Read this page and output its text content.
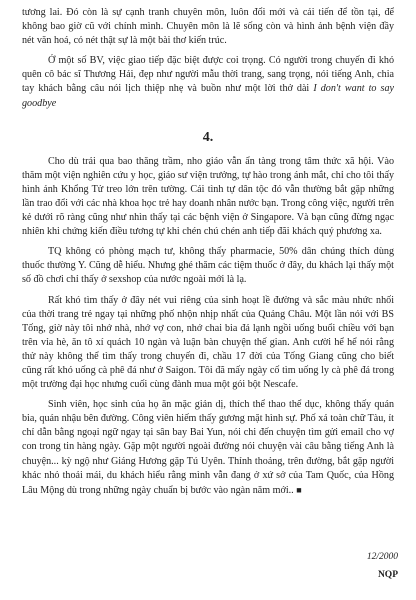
tương lai. Đó còn là sự cạnh tranh chuyên môn, luôn đổi mới và cải tiến để tồn tại, để không bao giờ cũ với chính mình. Chuyên môn là lẽ sống còn và hình ảnh bệnh viện đầy nét văn hoá, có nét thật sự là một bài thơ kiến trúc.

Ở một số BV, việc giao tiếp đặc biệt được coi trọng. Có người trong chuyến đi khó quên cô bác sĩ Thương Hải, đẹp như người mẫu thời trang, sang trọng, nói tiếng Anh, chia tay khách bằng câu nói lịch thiệp nhẹ và buồn như một lời thở dài I don't want to say goodbye

4.

Cho dù trải qua bao thăng trầm, nho giáo vẫn ẩn tàng trong tâm thức xã hội. Vào thăm một viện nghiên cứu y học, giáo sư viện trưởng, tự hào trong ánh mắt, chỉ cho tôi thấy hình ảnh Khổng Tử treo lớn trên tường. Cái tình tự dân tộc đó vẫn thường bắt gặp những lần trao đổi với các nhà khoa học trẻ hay doanh nhân nước bạn. Trong công việc, người trên kẻ dưới rõ ràng cũng như nhìn thấy tại các bệnh viện ở Singapore. Và bạn cũng đừng ngạc nhiên khi chứng kiến điều tương tự khi chén chú chén anh tiếp đãi khách quý phương xa.

TQ không có phòng mạch tư, không thấy pharmacie, 50% dân chúng thích dùng thuốc thường Y. Cũng dễ hiểu. Nhưng ghé thăm các tiệm thuốc ở đây, du khách lại thấy một số đồ chơi chỉ thấy ở sexshop của nước ngoài mới là lạ.

Rất khó tìm thấy ở đây nét vui riêng của sinh hoạt lề đường và sắc màu nhức nhối của thời trang trẻ ngay tại những phố nhộn nhịp nhất của Quảng Châu. Một lần nói với BS Tống, giờ này tôi nhớ nhà, nhớ vợ con, nhớ chai bia đá lạnh ngồi uống buổi chiều với bạn trên vỉa hè, ăn tô xí quách 10 ngàn và luận bàn chuyện thế gian. Anh cười hể hể nói rằng thử này không thể tìm thấy trong chuyến đi, chầu 17 đời của Tống Giang cũng cho biết cũng rất khó uống cà phê đá như ở Saigon. Tôi đã mấy ngày cố tìm uống ly cà phê đá trong một trường đại học nhưng cuối cùng đành mua một gói bột Nescafe.

Sinh viên, học sinh của họ ăn mặc giản dị, thích thể thao thể dục, không thấy quán bia, quán nhậu bên đường. Công viên hiếm thấy gương mặt hình sự. Phố xá toàn chữ Tàu, ít chỉ dẫn bằng ngoại ngữ ngay tại sân bay Bai Yun, nói chi đến chuyện tìm gửi email cho vợ con trong tin hàng ngày. Gặp một người ngoài đường nói chuyện vài câu bằng tiếng Anh là chuyện... kỳ ngộ như Giáng Hương gặp Tú Uyên. Thỉnh thoảng, trên đường, bắt gặp người khác nhỏ thoải mái, du khách hiểu rằng mình vẫn đang ở xứ sở của Tam Quốc, của Hồng Lâu Mộng dù trong những ngày chuẩn bị bước vào ngàn năm mới.. ■

12/2000
NQP
